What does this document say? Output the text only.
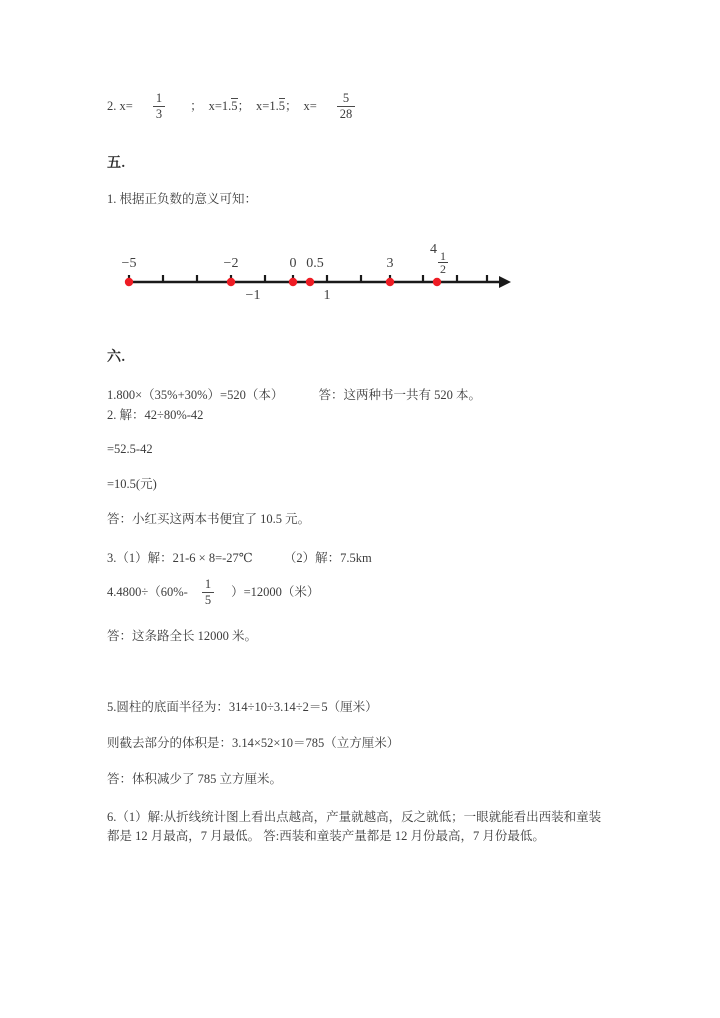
2. $x= \frac{1}{3}$ ； x=1.5 ； x=1.5 ； $x= \frac{5}{28}$
五.
1. 根据正负数的意义可知：
−5	−2	0 0.5	3
4
$\frac{1}{2}$
−1	1
六.
1.800×（35%+30%）=520（本）	答：这两种书一共有 520 本。
2. 解：42÷80%-42
=52.5-42
=10.5(元)
答：小红买这两本书便宜了 10.5 元。
3.（1）解：21-6 × 8=-27℃ （2）解：7.5km
$4.4800\div(60\%- \frac{1}{5} )=12000$（米）
答：这条路全长 12000 米。
5.圆柱的底面半径为：314÷10÷3.14÷2＝5（厘米）
则截去部分的体积是：3.14×52×10＝785（立方厘米）
答：体积减少了 785 立方厘米。
6.（1）解:从折线统计图上看出点越高，产量就越高，反之就低；一眼就能看出西装和童装都是 12 月最高，7 月最低。 答:西装和童装产量都是 12 月份最高，7 月份最低。
